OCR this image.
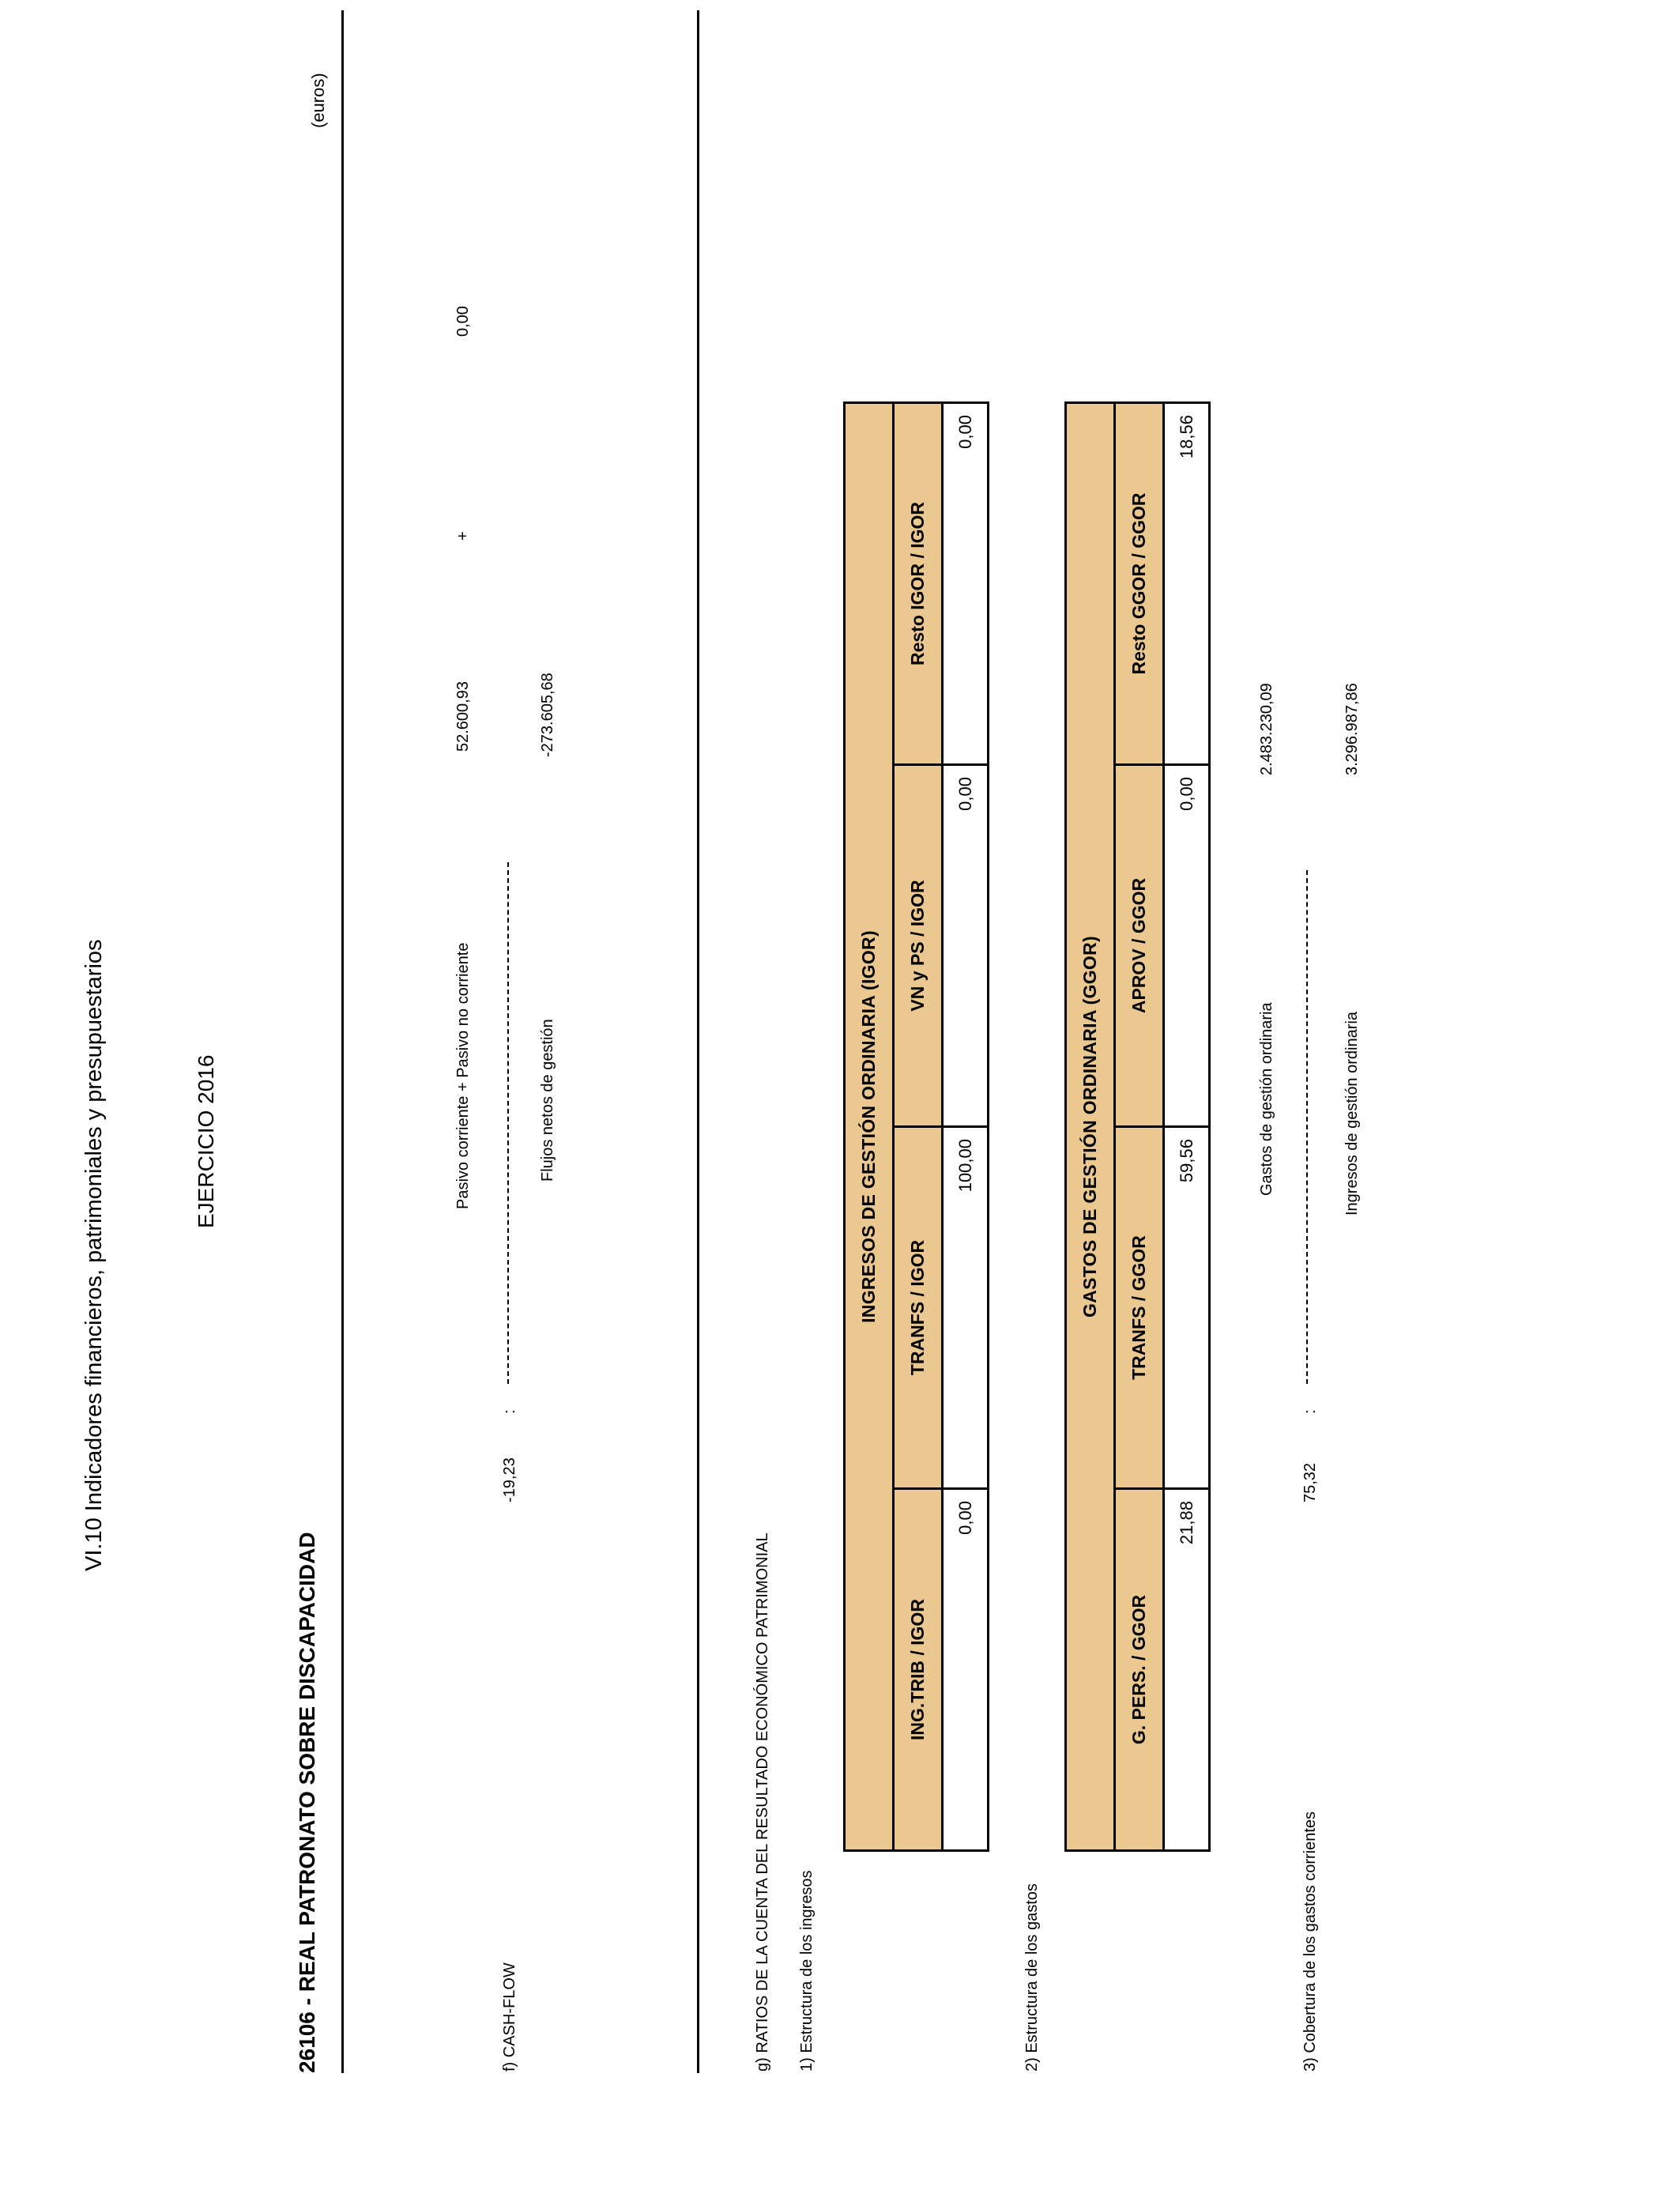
VI.10 Indicadores financieros, patrimoniales y presupuestarios	EJERCICIO 2016
26106 - REAL PATRONATO SOBRE DISCAPACIDAD
(euros)
f) CASH-FLOW
-19,23
:
Pasivo corriente + Pasivo no corriente
52.600,93
+
0,00
Flujos netos de gestión
-273.605,68
g) RATIOS DE LA CUENTA DEL RESULTADO ECONÓMICO PATRIMONIAL 1) Estructura de los ingresos
INGRESOS DE GESTIÓN ORDINARIA (IGOR)			
ING.TRIB / IGOR	TRANFS / IGOR	VN y PS / IGOR	Resto IGOR / IGOR
0,00	100,00	0,00	0,00
2) Estructura de los gastos
GASTOS DE GESTIÓN ORDINARIA (GGOR)			
G. PERS. / GGOR	TRANFS / GGOR	APROV / GGOR	Resto GGOR / GGOR
21,88	59,56	0,00	18,56
3) Cobertura de los gastos corrientes
75,32
:
Gastos de gestión ordinaria
2.483.230,09
Ingresos de gestión ordinaria
3.296.987,86
